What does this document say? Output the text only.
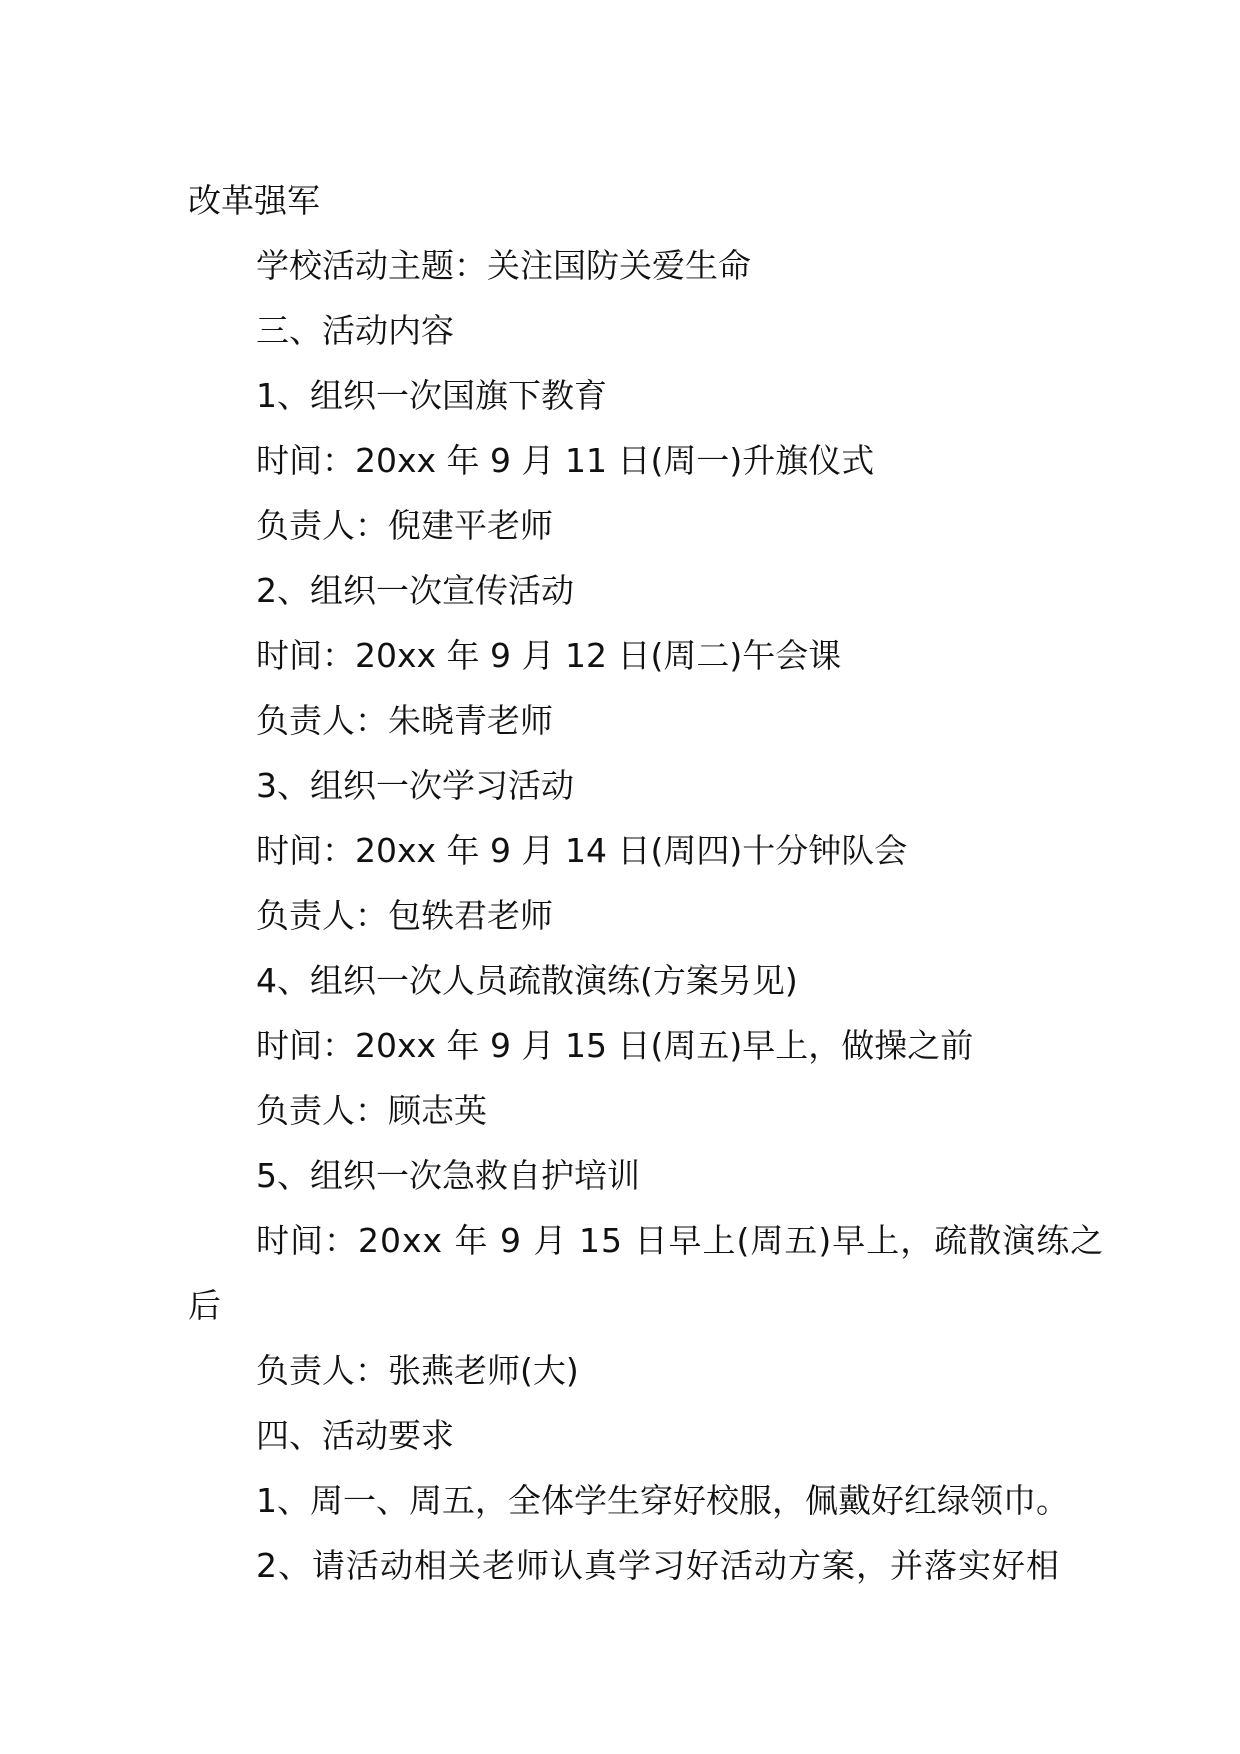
改革强军
学校活动主题：关注国防关爱生命
三、活动内容
1、组织一次国旗下教育
时间：20xx 年 9 月 11 日(周一)升旗仪式
负责人：倪建平老师
2、组织一次宣传活动
时间：20xx 年 9 月 12 日(周二)午会课
负责人：朱晓青老师
3、组织一次学习活动
时间：20xx 年 9 月 14 日(周四)十分钟队会
负责人：包轶君老师
4、组织一次人员疏散演练(方案另见)
时间：20xx 年 9 月 15 日(周五)早上，做操之前
负责人：顾志英
5、组织一次急救自护培训
时间：20xx 年 9 月 15 日早上(周五)早上，疏散演练之
后
负责人：张燕老师(大)
四、活动要求
1、周一、周五，全体学生穿好校服，佩戴好红绿领巾。
2、请活动相关老师认真学习好活动方案，并落实好相
